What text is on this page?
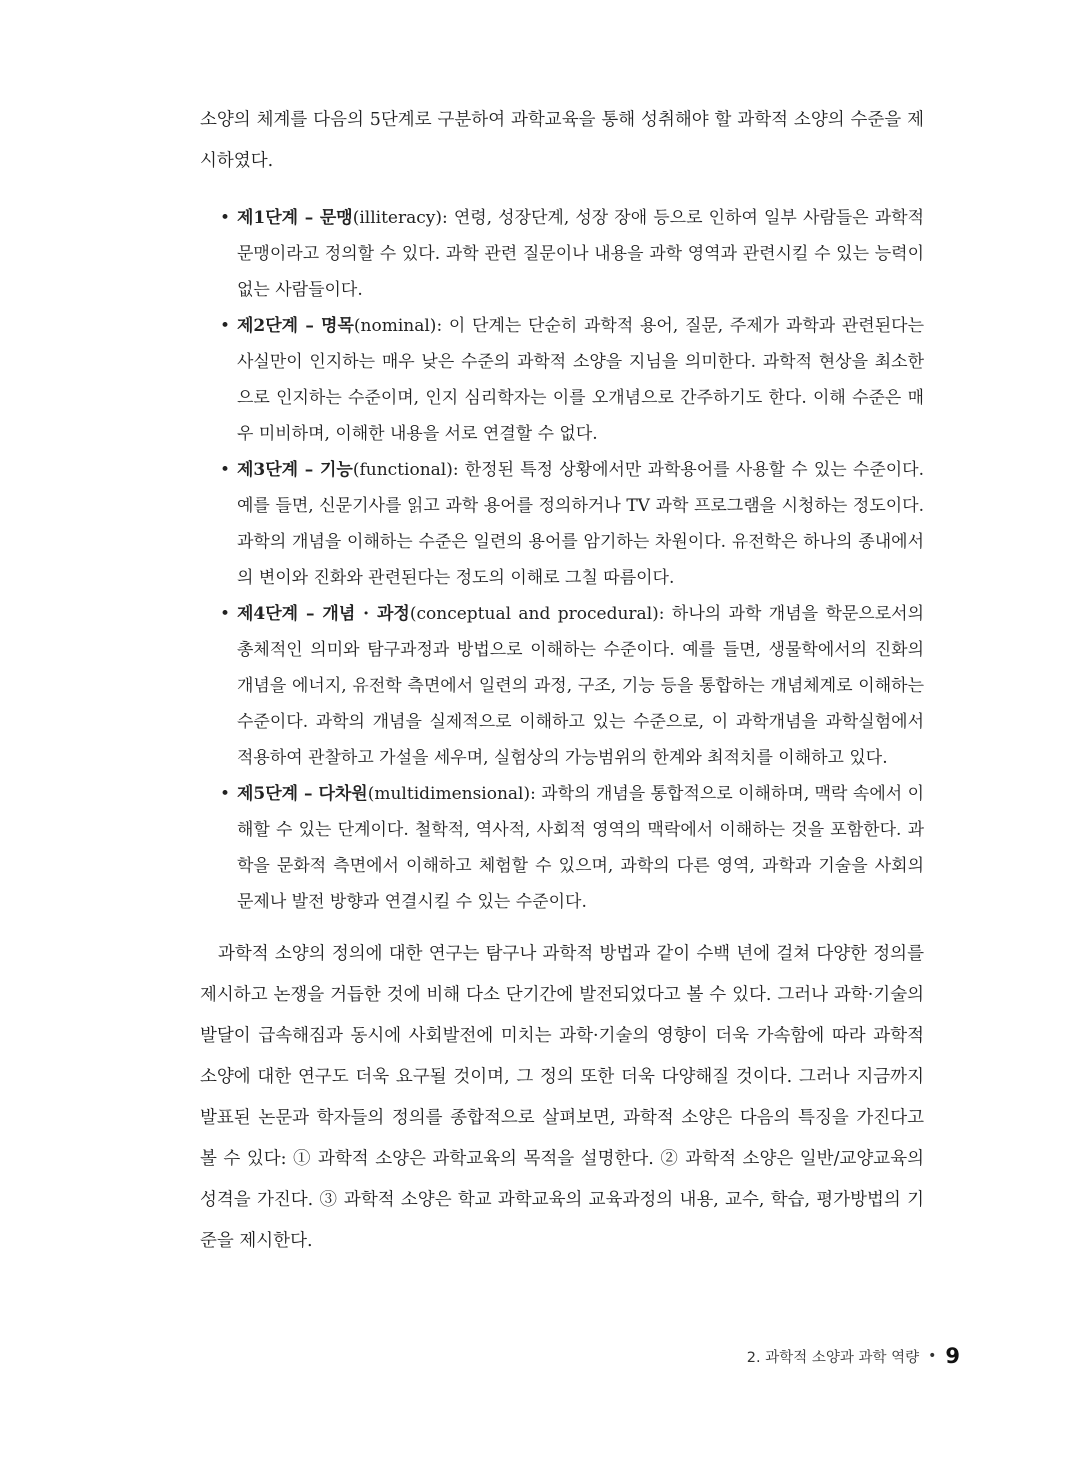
소양의 체계를 다음의 5단계로 구분하여 과학교육을 통해 성취해야 할 과학적 소양의 수준을 제시하였다.

• 제1단계 – 문맹(illiteracy): 연령, 성장단계, 성장 장애 등으로 인하여 일부 사람들은 과학적 문맹이라고 정의할 수 있다. 과학 관련 질문이나 내용을 과학 영역과 관련시킬 수 있는 능력이 없는 사람들이다.
• 제2단계 – 명목(nominal): 이 단계는 단순히 과학적 용어, 질문, 주제가 과학과 관련된다는 사실만이 인지하는 매우 낮은 수준의 과학적 소양을 지님을 의미한다. 과학적 현상을 최소한으로 인지하는 수준이며, 인지 심리학자는 이를 오개념으로 간주하기도 한다. 이해 수준은 매우 미비하며, 이해한 내용을 서로 연결할 수 없다.
• 제3단계 – 기능(functional): 한정된 특정 상황에서만 과학용어를 사용할 수 있는 수준이다. 예를 들면, 신문기사를 읽고 과학 용어를 정의하거나 TV 과학 프로그램을 시청하는 정도이다. 과학의 개념을 이해하는 수준은 일련의 용어를 암기하는 차원이다. 유전학은 하나의 종내에서의 변이와 진화와 관련된다는 정도의 이해로 그칠 따름이다.
• 제4단계 – 개념 · 과정(conceptual and procedural): 하나의 과학 개념을 학문으로서의 총체적인 의미와 탐구과정과 방법으로 이해하는 수준이다. 예를 들면, 생물학에서의 진화의 개념을 에너지, 유전학 측면에서 일련의 과정, 구조, 기능 등을 통합하는 개념체계로 이해하는 수준이다. 과학의 개념을 실제적으로 이해하고 있는 수준으로, 이 과학개념을 과학실험에서 적용하여 관찰하고 가설을 세우며, 실험상의 가능범위의 한계와 최적치를 이해하고 있다.
• 제5단계 – 다차원(multidimensional): 과학의 개념을 통합적으로 이해하며, 맥락 속에서 이해할 수 있는 단계이다. 철학적, 역사적, 사회적 영역의 맥락에서 이해하는 것을 포함한다. 과학을 문화적 측면에서 이해하고 체험할 수 있으며, 과학의 다른 영역, 과학과 기술을 사회의 문제나 발전 방향과 연결시킬 수 있는 수준이다.

과학적 소양의 정의에 대한 연구는 탐구나 과학적 방법과 같이 수백 년에 걸쳐 다양한 정의를 제시하고 논쟁을 거듭한 것에 비해 다소 단기간에 발전되었다고 볼 수 있다. 그러나 과학·기술의 발달이 급속해짐과 동시에 사회발전에 미치는 과학·기술의 영향이 더욱 가속함에 따라 과학적 소양에 대한 연구도 더욱 요구될 것이며, 그 정의 또한 더욱 다양해질 것이다. 그러나 지금까지 발표된 논문과 학자들의 정의를 종합적으로 살펴보면, 과학적 소양은 다음의 특징을 가진다고 볼 수 있다: ① 과학적 소양은 과학교육의 목적을 설명한다. ② 과학적 소양은 일반/교양교육의 성격을 가진다. ③ 과학적 소양은 학교 과학교육의 교육과정의 내용, 교수, 학습, 평가방법의 기준을 제시한다.

2. 과학적 소양과 과학 역량 • 9
